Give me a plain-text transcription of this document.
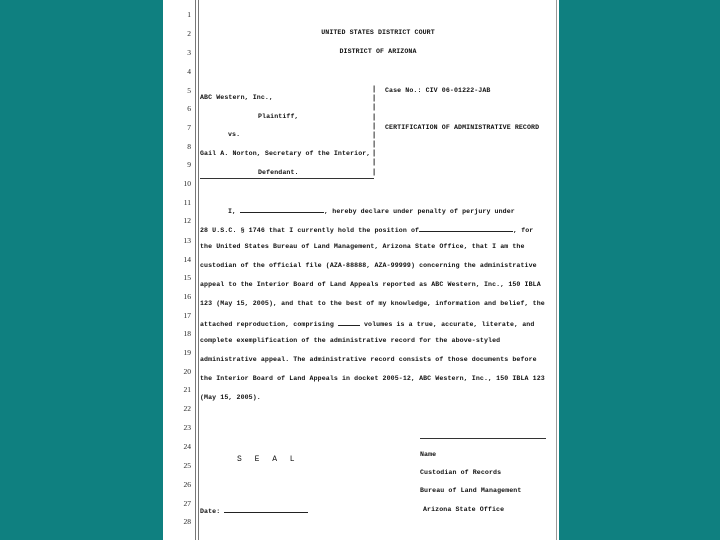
1
2
3
4
5
6
7
8
9
10
11
12
13
14
15
16
17
18
19
20
21
22
23
24
25
26
27
28
UNITED STATES DISTRICT COURT
DISTRICT OF ARIZONA
ABC Western, Inc.,
Plaintiff,
vs.
Gail A. Norton, Secretary of the Interior,
Defendant.
|
|
|
|
|
|
|
|
|
|
Case No.: CIV 06-01222-JAB
CERTIFICATION OF ADMINISTRATIVE RECORD
I,	, hereby declare under penalty of perjury under
28 U.S.C. § 1746 that I currently hold the position of	, for
the United States Bureau of Land Management, Arizona State Office, that I am the
custodian of the official file (AZA-88888, AZA-99999) concerning the administrative
appeal to the Interior Board of Land Appeals reported as ABC Western, Inc., 150 IBLA
123 (May 15, 2005), and that to the best of my knowledge, information and belief, the
attached reproduction, comprising	volumes is a true, accurate, literate, and
complete exemplification of the administrative record for the above-styled
administrative appeal. The administrative record consists of those documents before
the Interior Board of Land Appeals in docket 2005-12, ABC Western, Inc., 150 IBLA 123
(May 15, 2005).
S E A L
Name
Custodian of Records
Bureau of Land Management
Arizona State Office
Date:
